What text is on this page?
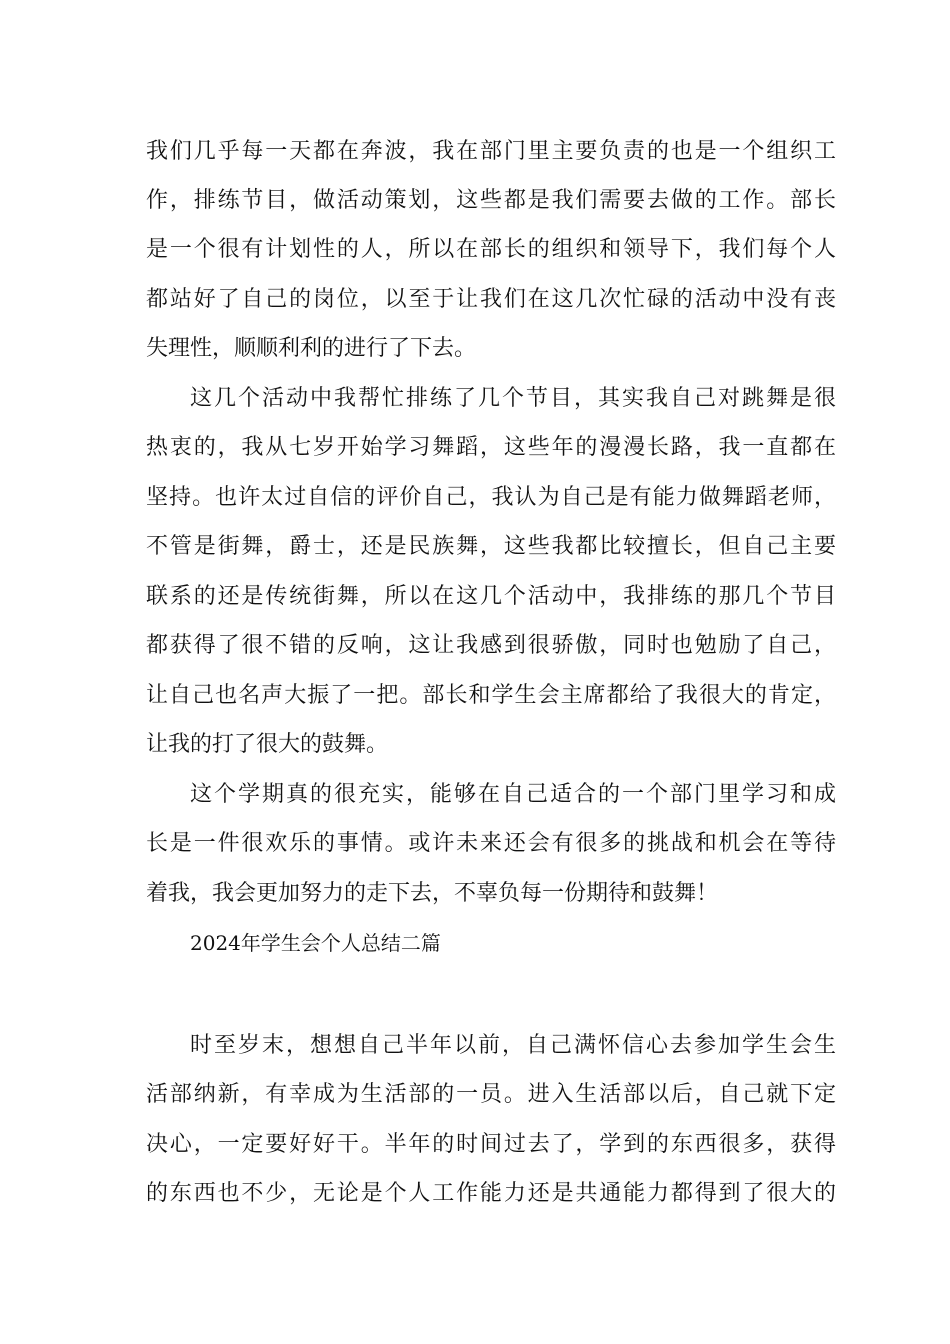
我们几乎每一天都在奔波，我在部门里主要负责的也是一个组织工
作，排练节目，做活动策划，这些都是我们需要去做的工作。部长
是一个很有计划性的人，所以在部长的组织和领导下，我们每个人
都站好了自己的岗位，以至于让我们在这几次忙碌的活动中没有丧
失理性，顺顺利利的进行了下去。
这几个活动中我帮忙排练了几个节目，其实我自己对跳舞是很
热衷的，我从七岁开始学习舞蹈，这些年的漫漫长路，我一直都在
坚持。也许太过自信的评价自己，我认为自己是有能力做舞蹈老师，
不管是街舞，爵士，还是民族舞，这些我都比较擅长，但自己主要
联系的还是传统街舞，所以在这几个活动中，我排练的那几个节目
都获得了很不错的反响，这让我感到很骄傲，同时也勉励了自己，
让自己也名声大振了一把。部长和学生会主席都给了我很大的肯定，
让我的打了很大的鼓舞。
这个学期真的很充实，能够在自己适合的一个部门里学习和成
长是一件很欢乐的事情。或许未来还会有很多的挑战和机会在等待
着我，我会更加努力的走下去，不辜负每一份期待和鼓舞！
2024年学生会个人总结二篇
时至岁末，想想自己半年以前，自己满怀信心去参加学生会生
活部纳新，有幸成为生活部的一员。进入生活部以后，自己就下定
决心，一定要好好干。半年的时间过去了，学到的东西很多，获得
的东西也不少，无论是个人工作能力还是共通能力都得到了很大的
